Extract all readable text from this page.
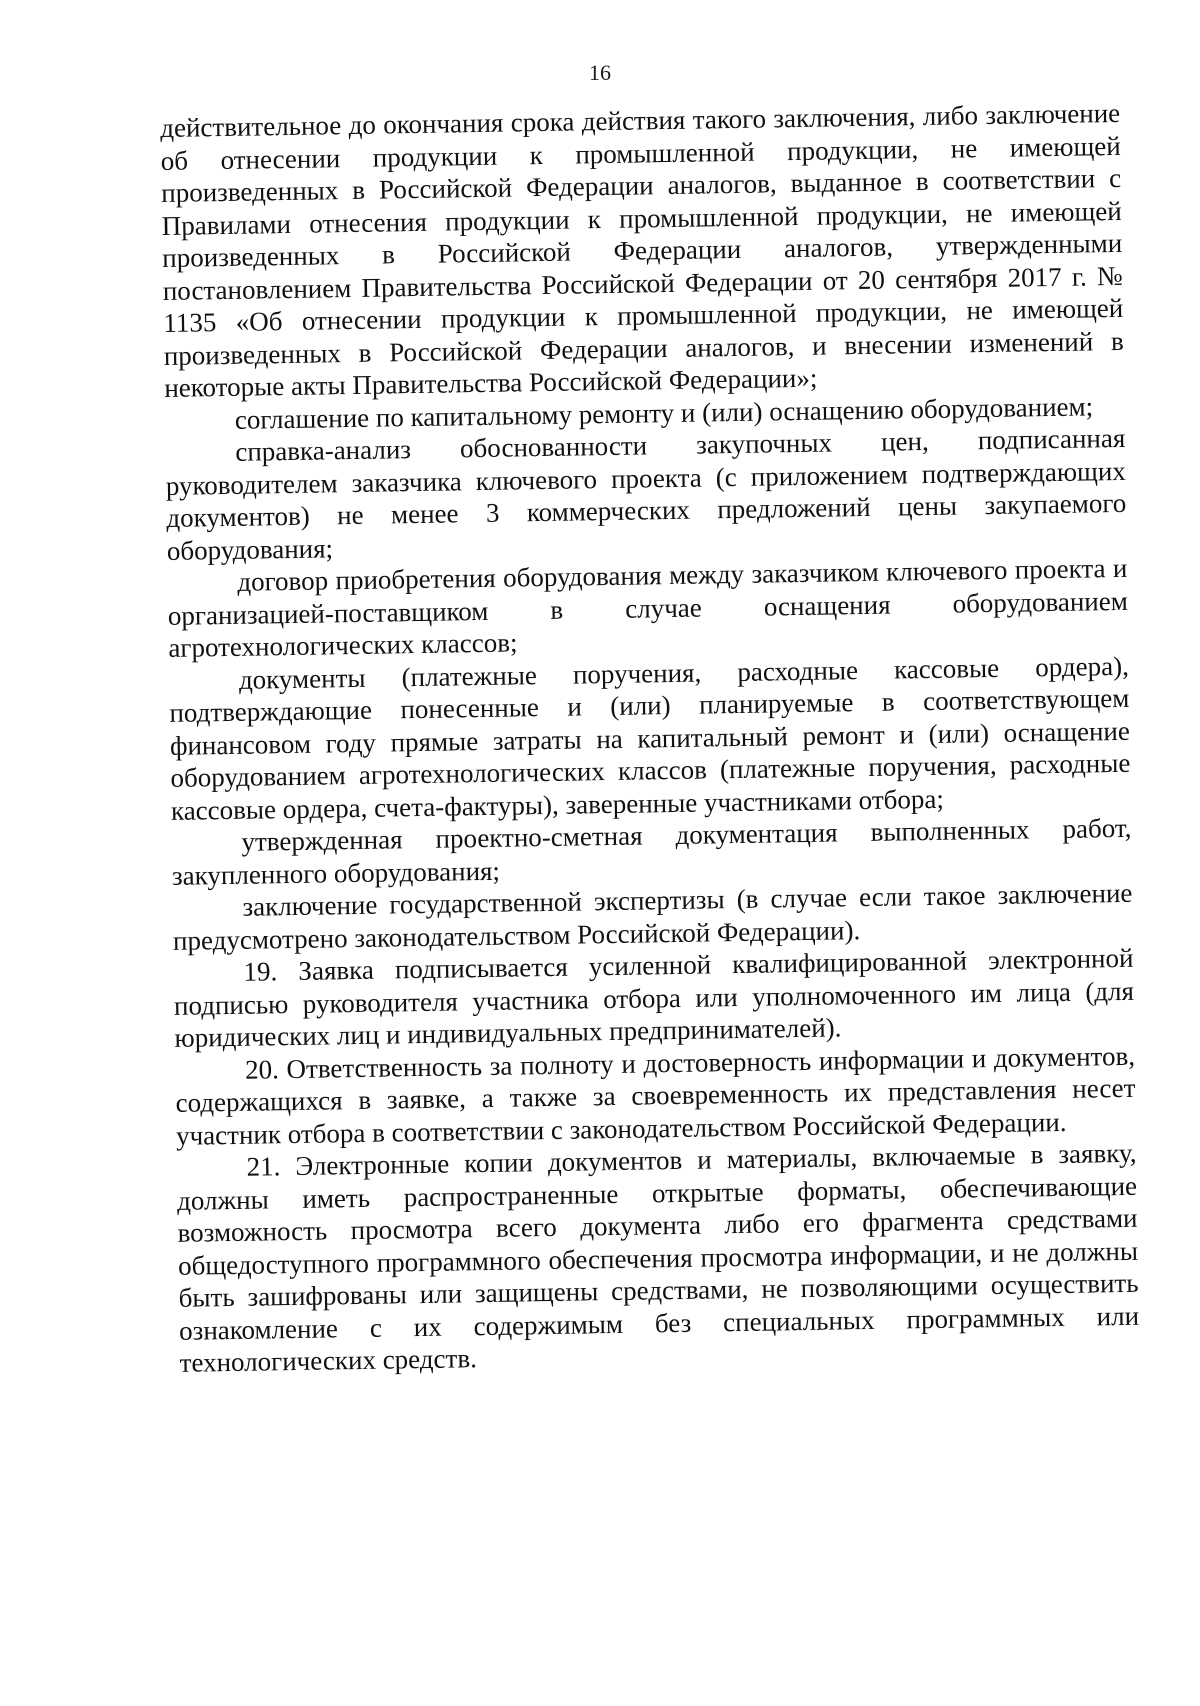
16

действительное до окончания срока действия такого заключения, либо заключение об отнесении продукции к промышленной продукции, не имеющей произведенных в Российской Федерации аналогов, выданное в соответствии с Правилами отнесения продукции к промышленной продукции, не имеющей произведенных в Российской Федерации аналогов, утвержденными постановлением Правительства Российской Федерации от 20 сентября 2017 г. № 1135 «Об отнесении продукции к промышленной продукции, не имеющей произведенных в Российской Федерации аналогов, и внесении изменений в некоторые акты Правительства Российской Федерации»;

соглашение по капитальному ремонту и (или) оснащению оборудованием;

справка-анализ обоснованности закупочных цен, подписанная руководителем заказчика ключевого проекта (с приложением подтверждающих документов) не менее 3 коммерческих предложений цены закупаемого оборудования;

договор приобретения оборудования между заказчиком ключевого проекта и организацией-поставщиком в случае оснащения оборудованием агротехнологических классов;

документы (платежные поручения, расходные кассовые ордера), подтверждающие понесенные и (или) планируемые в соответствующем финансовом году прямые затраты на капитальный ремонт и (или) оснащение оборудованием агротехнологических классов (платежные поручения, расходные кассовые ордера, счета-фактуры), заверенные участниками отбора;

утвержденная проектно-сметная документация выполненных работ, закупленного оборудования;

заключение государственной экспертизы (в случае если такое заключение предусмотрено законодательством Российской Федерации).

19. Заявка подписывается усиленной квалифицированной электронной подписью руководителя участника отбора или уполномоченного им лица (для юридических лиц и индивидуальных предпринимателей).

20. Ответственность за полноту и достоверность информации и документов, содержащихся в заявке, а также за своевременность их представления несет участник отбора в соответствии с законодательством Российской Федерации.

21. Электронные копии документов и материалы, включаемые в заявку, должны иметь распространенные открытые форматы, обеспечивающие возможность просмотра всего документа либо его фрагмента средствами общедоступного программного обеспечения просмотра информации, и не должны быть зашифрованы или защищены средствами, не позволяющими осуществить ознакомление с их содержимым без специальных программных или технологических средств.
